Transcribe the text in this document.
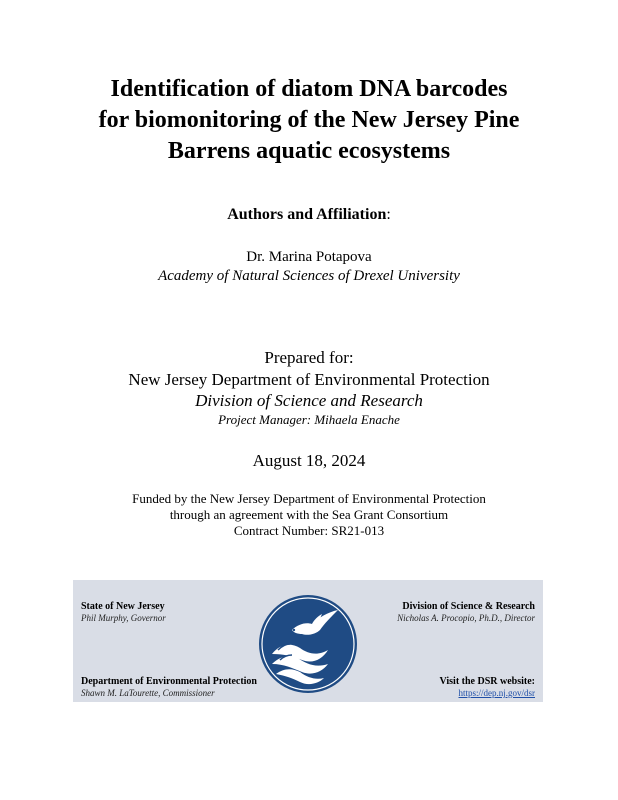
Identification of diatom DNA barcodes
for biomonitoring of the New Jersey Pine
Barrens aquatic ecosystems
Authors and Affiliation:
Dr. Marina Potapova
Academy of Natural Sciences of Drexel University
Prepared for:
New Jersey Department of Environmental Protection
Division of Science and Research
Project Manager: Mihaela Enache
August 18, 2024
Funded by the New Jersey Department of Environmental Protection
through an agreement with the Sea Grant Consortium
Contract Number: SR21-013
State of New Jersey
Phil Murphy, Governor
Department of Environmental Protection
Shawn M. LaTourette, Commissioner
Division of Science & Research
Nicholas A. Procopio, Ph.D., Director
Visit the DSR website:
https://dep.nj.gov/dsr
